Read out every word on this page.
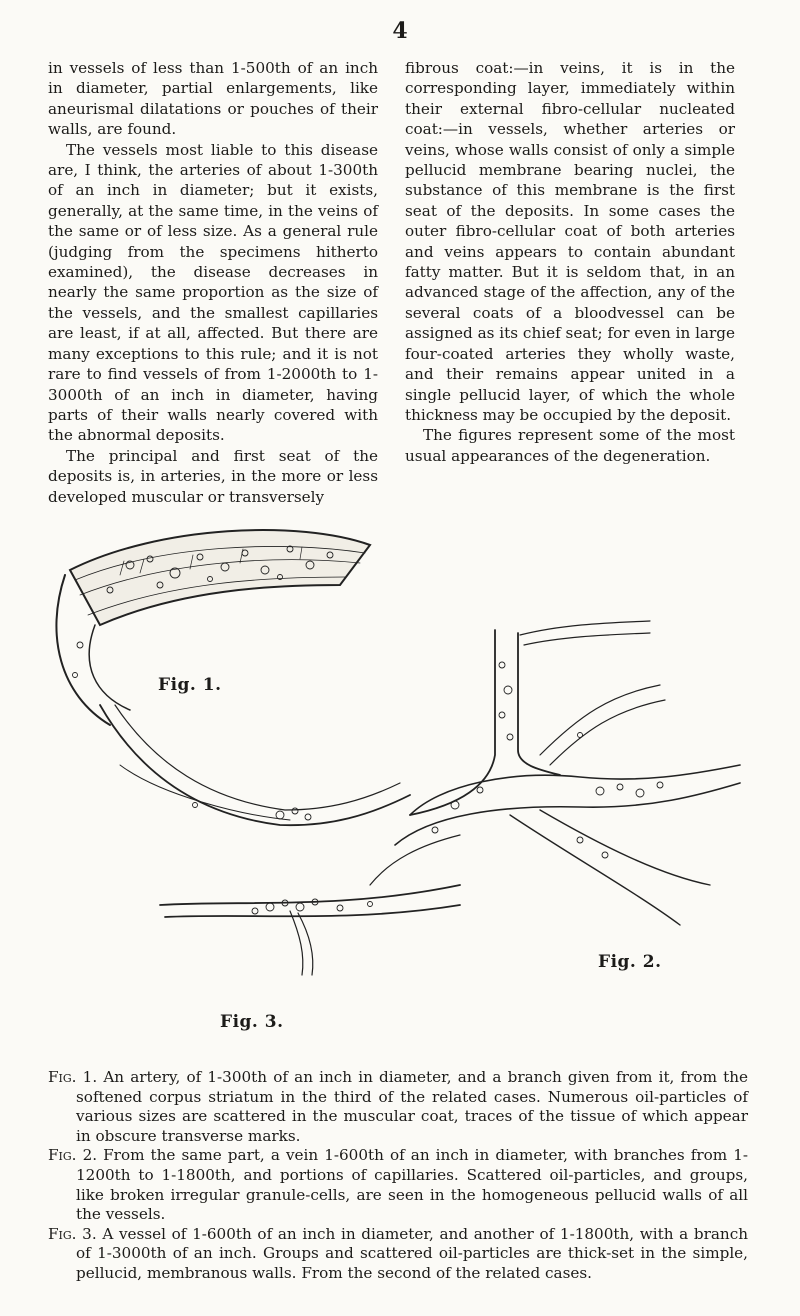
4

in vessels of less than 1-500th of an inch in diameter, partial enlargements, like aneurismal dilatations or pouches of their walls, are found.

The vessels most liable to this disease are, I think, the arteries of about 1-300th of an inch in diameter; but it exists, generally, at the same time, in the veins of the same or of less size. As a general rule (judging from the specimens hitherto examined), the disease decreases in nearly the same proportion as the size of the vessels, and the smallest capillaries are least, if at all, affected. But there are many exceptions to this rule; and it is not rare to find vessels of from 1-2000th to 1-3000th of an inch in diameter, having parts of their walls nearly covered with the abnormal deposits.

The principal and first seat of the deposits is, in arteries, in the more or less developed muscular or transversely

fibrous coat:—in veins, it is in the corresponding layer, immediately within their external fibro-cellular nucleated coat:—in vessels, whether arteries or veins, whose walls consist of only a simple pellucid membrane bearing nuclei, the substance of this membrane is the first seat of the deposits. In some cases the outer fibro-cellular coat of both arteries and veins appears to contain abundant fatty matter. But it is seldom that, in an advanced stage of the affection, any of the several coats of a bloodvessel can be assigned as its chief seat; for even in large four-coated arteries they wholly waste, and their remains appear united in a single pellucid layer, of which the whole thickness may be occupied by the deposit.

The figures represent some of the most usual appearances of the degeneration.

Fig. 1.
Fig. 2.
Fig. 3.

Fig. 1. An artery, of 1-300th of an inch in diameter, and a branch given from it, from the softened corpus striatum in the third of the related cases. Numerous oil-particles of various sizes are scattered in the muscular coat, traces of the tissue of which appear in obscure transverse marks.

Fig. 2. From the same part, a vein 1-600th of an inch in diameter, with branches from 1-1200th to 1-1800th, and portions of capillaries. Scattered oil-particles, and groups, like broken irregular granule-cells, are seen in the homogeneous pellucid walls of all the vessels.

Fig. 3. A vessel of 1-600th of an inch in diameter, and another of 1-1800th, with a branch of 1-3000th of an inch. Groups and scattered oil-particles are thick-set in the simple, pellucid, membranous walls. From the second of the related cases.
